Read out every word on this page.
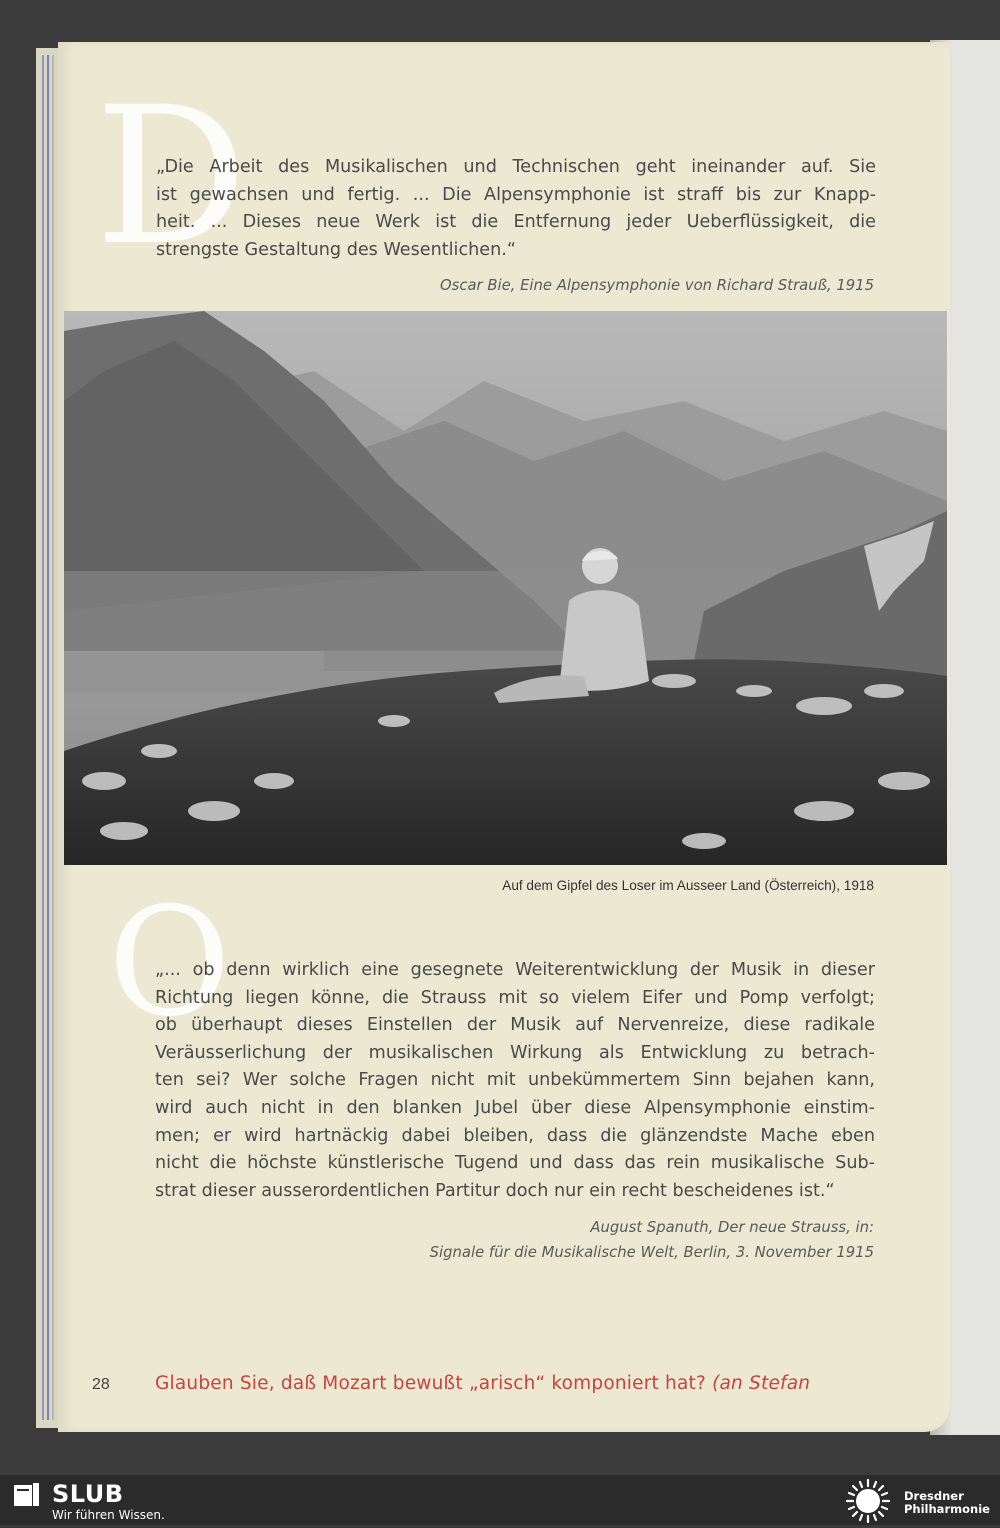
D
„Die Arbeit des Musikalischen und Technischen geht ineinander auf. Sie
ist gewachsen und fertig. ... Die Alpensymphonie ist straff bis zur Knapp-
heit. ... Dieses neue Werk ist die Entfernung jeder Ueberflüssigkeit, die
strengste Gestaltung des Wesentlichen.“
Oscar Bie, Eine Alpensymphonie von Richard Strauß, 1915
Auf dem Gipfel des Loser im Ausseer Land (Österreich), 1918
O
„... ob denn wirklich eine gesegnete Weiterentwicklung der Musik in dieser
Richtung liegen könne, die Strauss mit so vielem Eifer und Pomp verfolgt;
ob überhaupt dieses Einstellen der Musik auf Nervenreize, diese radikale
Veräusserlichung der musikalischen Wirkung als Entwicklung zu betrach-
ten sei? Wer solche Fragen nicht mit unbekümmertem Sinn bejahen kann,
wird auch nicht in den blanken Jubel über diese Alpensymphonie einstim-
men; er wird hartnäckig dabei bleiben, dass die glänzendste Mache eben
nicht die höchste künstlerische Tugend und dass das rein musikalische Sub-
strat dieser ausserordentlichen Partitur doch nur ein recht bescheidenes ist.“
August Spanuth, Der neue Strauss, in:
Signale für die Musikalische Welt, Berlin, 3. November 1915
28 Glauben Sie, daß Mozart bewußt „arisch“ komponiert hat? (an Stefan
SLUB
Wir führen Wissen.
Dresdner
Philharmonie
